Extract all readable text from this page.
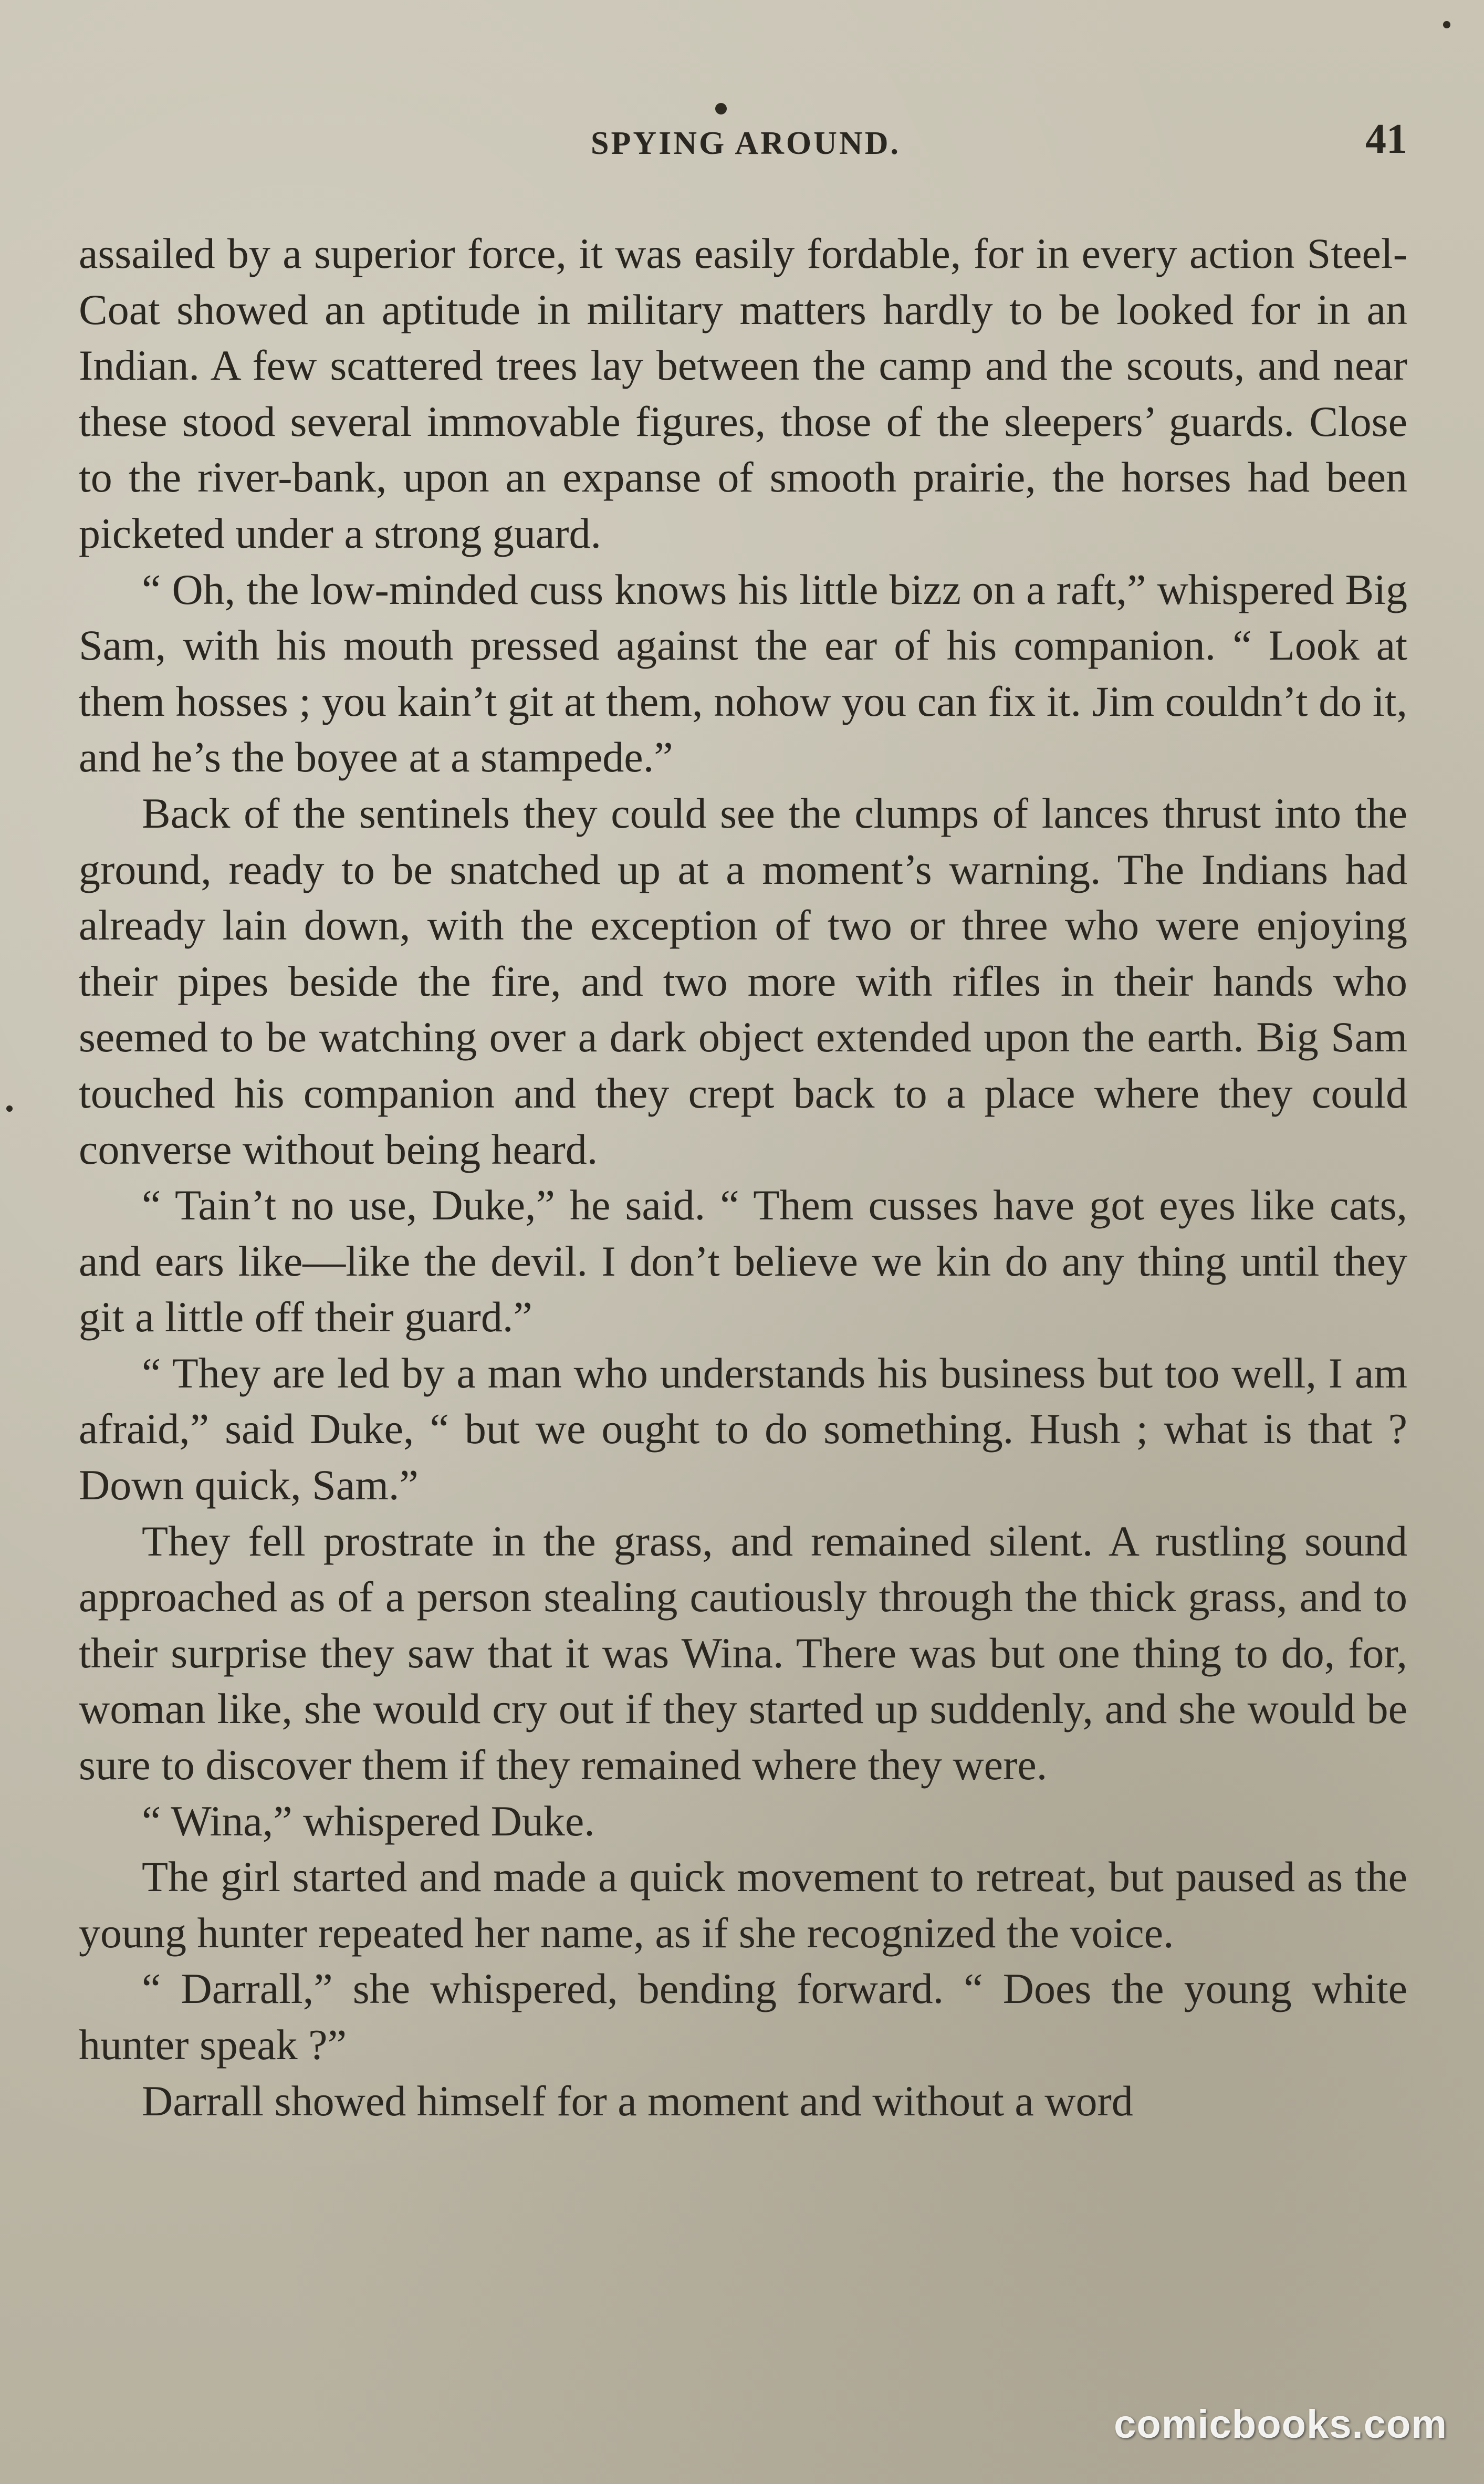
SPYING AROUND.	41

assailed by a superior force, it was easily fordable, for in every action Steel-Coat showed an aptitude in military matters hardly to be looked for in an Indian. A few scattered trees lay between the camp and the scouts, and near these stood several immovable figures, those of the sleepers’ guards. Close to the river-bank, upon an expanse of smooth prairie, the horses had been picketed under a strong guard.

“ Oh, the low-minded cuss knows his little bizz on a raft,” whispered Big Sam, with his mouth pressed against the ear of his companion. “ Look at them hosses ; you kain’t git at them, nohow you can fix it. Jim couldn’t do it, and he’s the boyee at a stampede.”

Back of the sentinels they could see the clumps of lances thrust into the ground, ready to be snatched up at a moment’s warning. The Indians had already lain down, with the exception of two or three who were enjoying their pipes beside the fire, and two more with rifles in their hands who seemed to be watching over a dark object extended upon the earth. Big Sam touched his companion and they crept back to a place where they could converse without being heard.

“ Tain’t no use, Duke,” he said. “ Them cusses have got eyes like cats, and ears like—like the devil. I don’t believe we kin do any thing until they git a little off their guard.”

“ They are led by a man who understands his business but too well, I am afraid,” said Duke, “ but we ought to do something. Hush ; what is that ? Down quick, Sam.”

They fell prostrate in the grass, and remained silent. A rustling sound approached as of a person stealing cautiously through the thick grass, and to their surprise they saw that it was Wina. There was but one thing to do, for, woman like, she would cry out if they started up suddenly, and she would be sure to discover them if they remained where they were.

“ Wina,” whispered Duke.

The girl started and made a quick movement to retreat, but paused as the young hunter repeated her name, as if she recognized the voice.

“ Darrall,” she whispered, bending forward. “ Does the young white hunter speak ?”

Darrall showed himself for a moment and without a word

comicbooks.com
